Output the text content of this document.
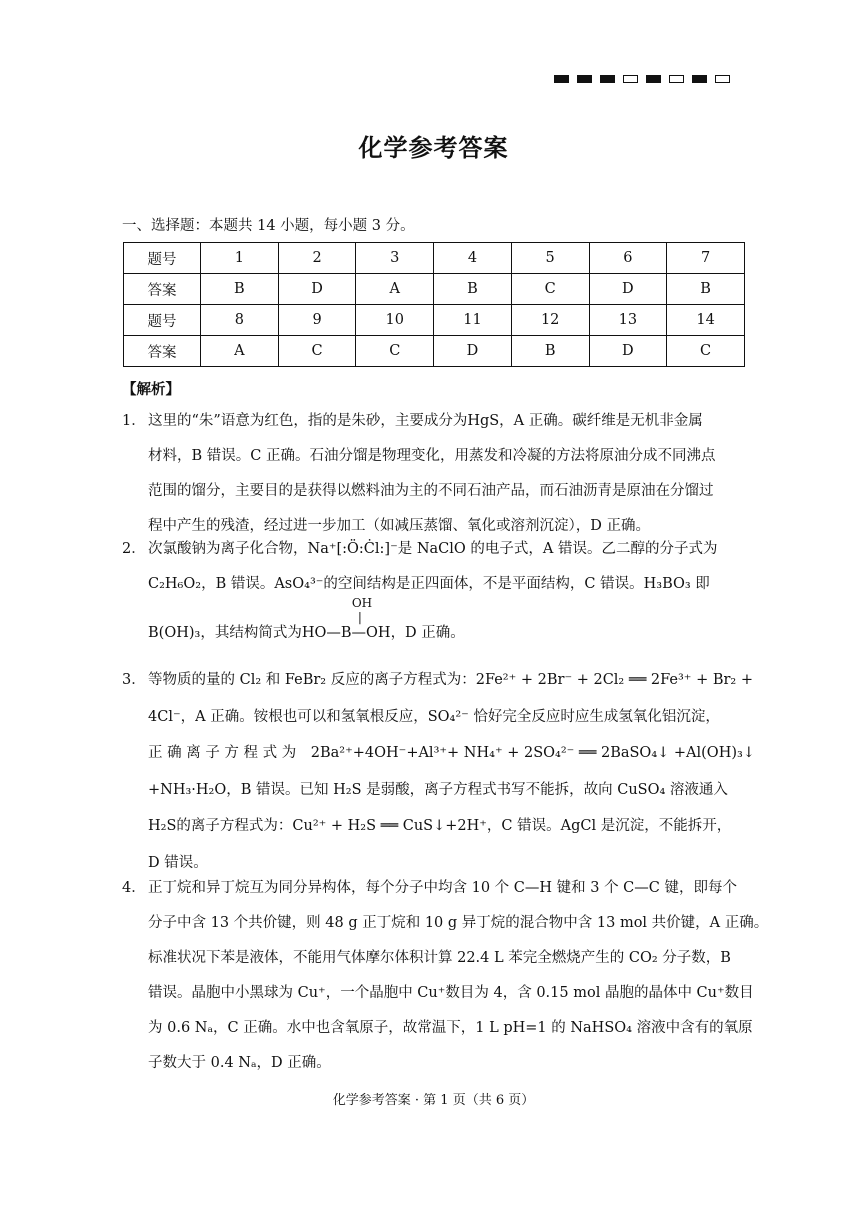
化学参考答案
一、选择题：本题共 14 小题，每小题 3 分。
题号	1	2	3	4	5	6	7
答案	B	D	A	B	C	D	B
题号	8	9	10	11	12	13	14
答案	A	C	C	D	B	D	C
【解析】
1． 这里的“朱”语意为红色，指的是朱砂，主要成分为HgS，A 正确。碳纤维是无机非金属
材料，B 错误。C 正确。石油分馏是物理变化，用蒸发和冷凝的方法将原油分成不同沸点
范围的馏分，主要目的是获得以燃料油为主的不同石油产品，而石油沥青是原油在分馏过
程中产生的残渣，经过进一步加工（如减压蒸馏、氧化或溶剂沉淀），D 正确。
2． 次氯酸钠为离子化合物，Na⁺[:Ö:Ċl:]⁻是 NaClO 的电子式，A 错误。乙二醇的分子式为
C₂H₆O₂，B 错误。AsO₄³⁻的空间结构是正四面体，不是平面结构，C 错误。H₃BO₃ 即
B(OH)₃，其结构简式为
OH
|
HO—B—OH，D 正确。
3． 等物质的量的 Cl₂ 和 FeBr₂ 反应的离子方程式为：2Fe²⁺ + 2Br⁻ + 2Cl₂ ══ 2Fe³⁺ + Br₂ +
4Cl⁻，A 正确。铵根也可以和氢氧根反应，SO₄²⁻ 恰好完全反应时应生成氢氧化铝沉淀，
正 确 离 子 方 程 式 为　2Ba²⁺+4OH⁻+Al³⁺+ NH₄⁺ + 2SO₄²⁻ ══ 2BaSO₄↓ +Al(OH)₃↓
+NH₃·H₂O，B 错误。已知 H₂S 是弱酸，离子方程式书写不能拆，故向 CuSO₄ 溶液通入
H₂S的离子方程式为：Cu²⁺ + H₂S ══ CuS↓+2H⁺，C 错误。AgCl 是沉淀，不能拆开，
D 错误。
4． 正丁烷和异丁烷互为同分异构体，每个分子中均含 10 个 C—H 键和 3 个 C—C 键，即每个
分子中含 13 个共价键，则 48 g 正丁烷和 10 g 异丁烷的混合物中含 13 mol 共价键，A 正确。
标准状况下苯是液体，不能用气体摩尔体积计算 22.4 L 苯完全燃烧产生的 CO₂ 分子数，B
错误。晶胞中小黑球为 Cu⁺，一个晶胞中 Cu⁺数目为 4，含 0.15 mol 晶胞的晶体中 Cu⁺数目
为 0.6 Nₐ，C 正确。水中也含氧原子，故常温下，1 L pH=1 的 NaHSO₄ 溶液中含有的氧原
子数大于 0.4 Nₐ，D 正确。
化学参考答案 · 第 1 页（共 6 页）
